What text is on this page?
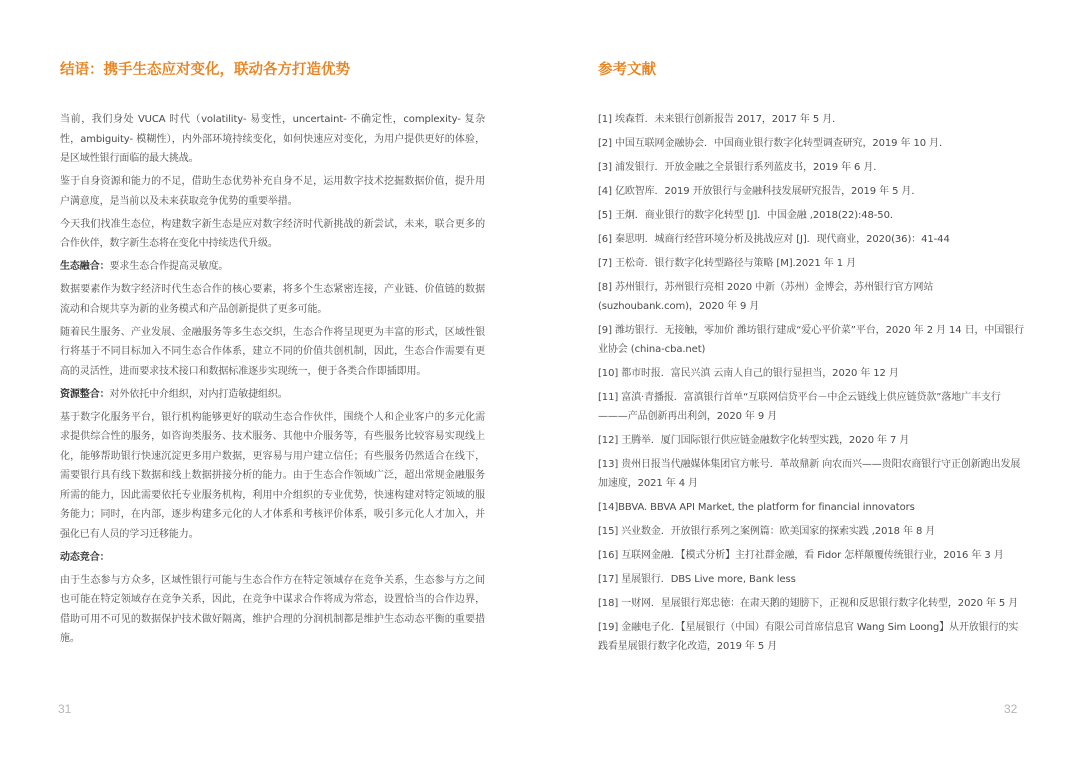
结语：携手生态应对变化，联动各方打造优势

当前，我们身处 VUCA 时代（volatility- 易变性，uncertaint- 不确定性，complexity- 复杂性，ambiguity- 模糊性），内外部环境持续变化，如何快速应对变化，为用户提供更好的体验，是区域性银行面临的最大挑战。

鉴于自身资源和能力的不足，借助生态优势补充自身不足，运用数字技术挖掘数据价值，提升用户满意度，是当前以及未来获取竞争优势的重要举措。

今天我们找准生态位，构建数字新生态是应对数字经济时代新挑战的新尝试，未来，联合更多的合作伙伴，数字新生态将在变化中持续迭代升级。

生态融合：要求生态合作提高灵敏度。

数据要素作为数字经济时代生态合作的核心要素，将多个生态紧密连接，产业链、价值链的数据流动和合规共享为新的业务模式和产品创新提供了更多可能。

随着民生服务、产业发展、金融服务等多生态交织，生态合作将呈现更为丰富的形式，区域性银行将基于不同目标加入不同生态合作体系，建立不同的价值共创机制，因此，生态合作需要有更高的灵活性，进而要求技术接口和数据标准逐步实现统一，便于各类合作即插即用。

资源整合：对外依托中介组织，对内打造敏捷组织。

基于数字化服务平台，银行机构能够更好的联动生态合作伙伴，围绕个人和企业客户的多元化需求提供综合性的服务，如咨询类服务、技术服务、其他中介服务等，有些服务比较容易实现线上化，能够帮助银行快速沉淀更多用户数据，更容易与用户建立信任；有些服务仍然适合在线下，需要银行具有线下数据和线上数据拼接分析的能力。由于生态合作领域广泛，超出常规金融服务所需的能力，因此需要依托专业服务机构，利用中介组织的专业优势，快速构建对特定领域的服务能力；同时，在内部，逐步构建多元化的人才体系和考核评价体系，吸引多元化人才加入，并强化已有人员的学习迁移能力。

动态竞合：

由于生态参与方众多，区域性银行可能与生态合作方在特定领域存在竞争关系，生态参与方之间也可能在特定领域存在竞争关系，因此，在竞争中谋求合作将成为常态，设置恰当的合作边界，借助可用不可见的数据保护技术做好隔离，维护合理的分润机制都是维护生态动态平衡的重要措施。

31
参考文献

[1] 埃森哲．未来银行创新报告 2017，2017 年 5 月．

[2] 中国互联网金融协会．中国商业银行数字化转型调查研究，2019 年 10 月．

[3] 浦发银行．开放金融之全景银行系列蓝皮书，2019 年 6 月．

[4] 亿欧智库．2019 开放银行与金融科技发展研究报告，2019 年 5 月．

[5] 王炯．商业银行的数字化转型 [J]．中国金融 ,2018(22):48-50.

[6] 秦思明．城商行经营环境分析及挑战应对 [J]．现代商业，2020(36)：41-44

[7] 王松奇．银行数字化转型路径与策略 [M].2021 年 1 月

[8] 苏州银行，苏州银行亮相 2020 中新（苏州）金博会，苏州银行官方网站 (suzhoubank.com)，2020 年 9 月

[9] 潍坊银行．无接触，零加价 潍坊银行建成“爱心平价菜”平台，2020 年 2 月 14 日，中国银行业协会 (china-cba.net)

[10] 都市时报．富民兴滇 云南人自己的银行显担当，2020 年 12 月

[11] 富滇·青播报．富滇银行首单“互联网信贷平台－中企云链线上供应链贷款”落地广丰支行———产品创新再出利剑，2020 年 9 月

[12] 王腾举．厦门国际银行供应链金融数字化转型实践，2020 年 7 月

[13] 贵州日报当代融媒体集团官方帐号．革故鼎新 向农而兴——贵阳农商银行守正创新跑出发展加速度，2021 年 4 月

[14]BBVA. BBVA API Market, the platform for financial innovators

[15] 兴业数金．开放银行系列之案例篇：欧美国家的探索实践 ,2018 年 8 月

[16] 互联网金融．【模式分析】主打社群金融，看 Fidor 怎样颠覆传统银行业，2016 年 3 月

[17] 星展银行．DBS Live more, Bank less

[18] 一财网．星展银行郑忠徳：在肃天鹅的翅膀下，正视和反思银行数字化转型，2020 年 5 月

[19] 金融电子化．【星展银行（中国）有限公司首席信息官 Wang Sim Loong】从开放银行的实践看星展银行数字化改造，2019 年 5 月

32
